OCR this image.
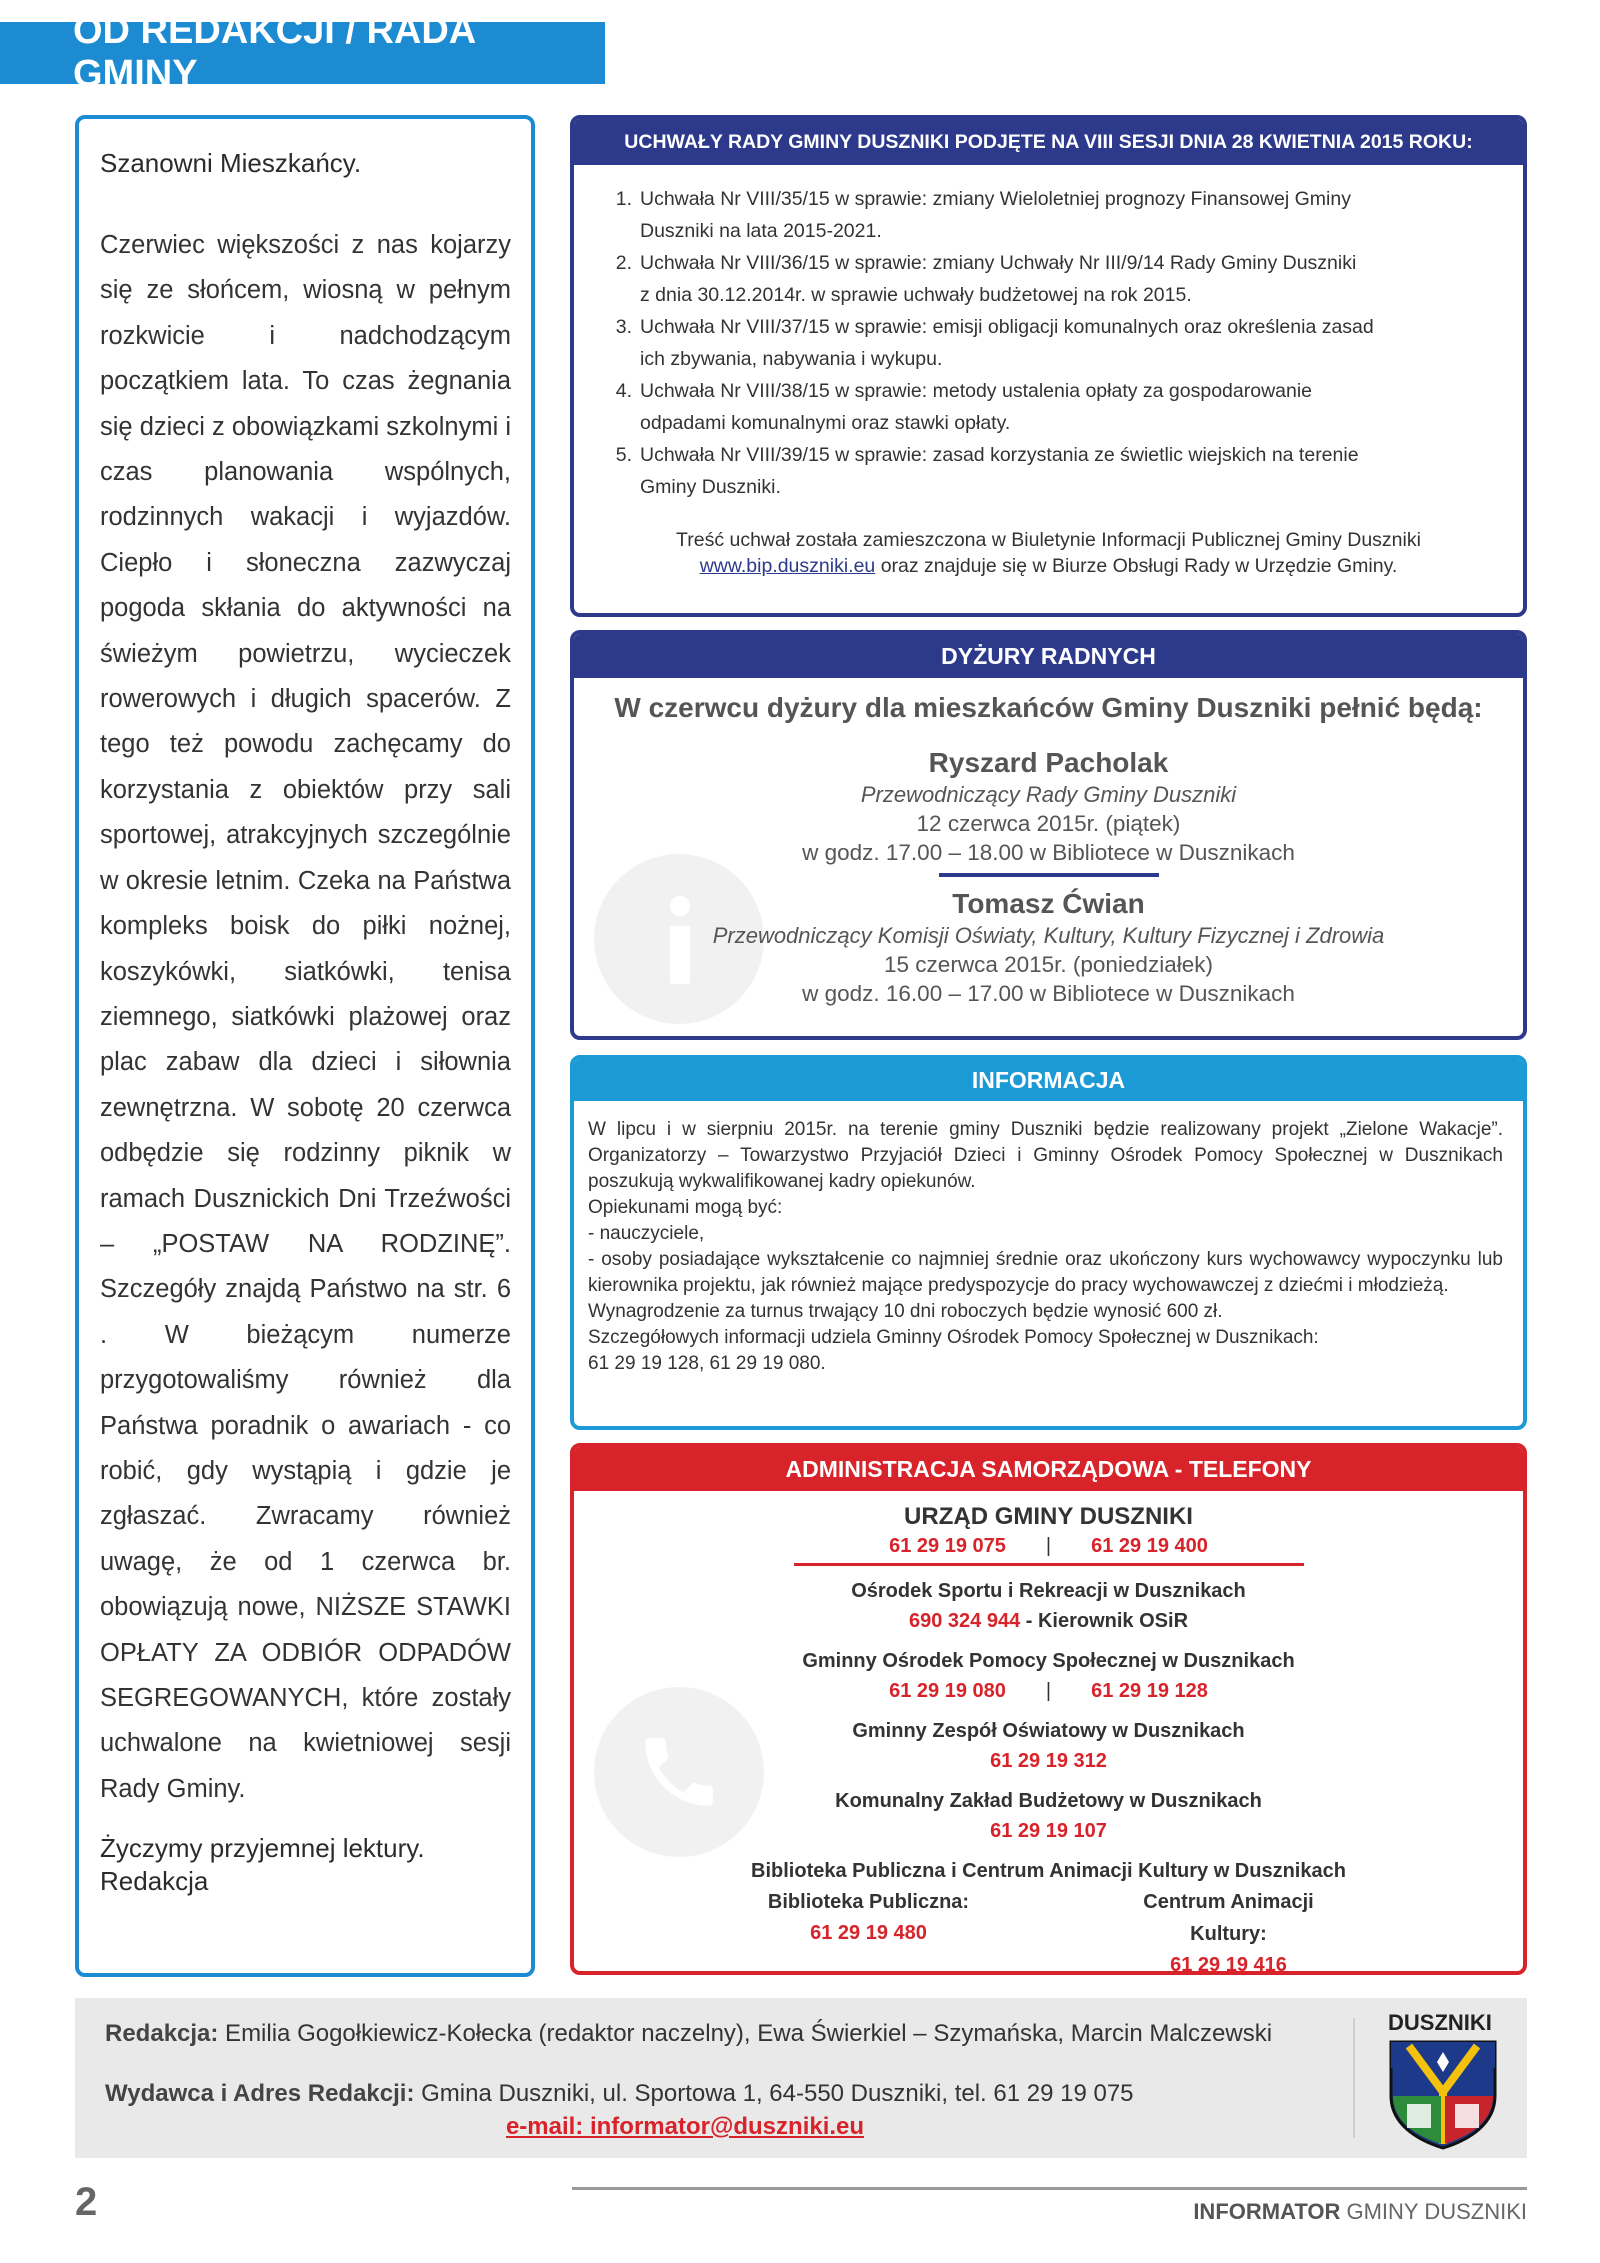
OD REDAKCJI / RADA GMINY
Szanowni Mieszkańcy.
Czerwiec większości z nas kojarzy się ze słońcem, wiosną w pełnym rozkwicie i nadchodzącym początkiem lata. To czas żegnania się dzieci z obowiązkami szkolnymi i czas planowania wspólnych, rodzinnych wakacji i wyjazdów. Ciepło i słoneczna zazwyczaj pogoda skłania do aktywności na świeżym powietrzu, wycieczek rowerowych i długich spacerów. Z tego też powodu zachęcamy do korzystania z obiektów przy sali sportowej, atrakcyjnych szczególnie w okresie letnim. Czeka na Państwa kompleks boisk do piłki nożnej, koszykówki, siatkówki, tenisa ziemnego, siatkówki plażowej oraz plac zabaw dla dzieci i siłownia zewnętrzna. W sobotę 20 czerwca odbędzie się rodzinny piknik w ramach Dusznickich Dni Trzeźwości – „POSTAW NA RODZINĘ”. Szczegóły znajdą Państwo na str. 6 . W bieżącym numerze przygotowaliśmy również dla Państwa poradnik o awariach - co robić, gdy wystąpią i gdzie je zgłaszać. Zwracamy również uwagę, że od 1 czerwca br. obowiązują nowe, NIŻSZE STAWKI OPŁATY ZA ODBIÓR ODPADÓW SEGREGOWANYCH, które zostały uchwalone na kwietniowej sesji Rady Gminy.
Życzymy przyjemnej lektury.
Redakcja
UCHWAŁY RADY GMINY DUSZNIKI PODJĘTE NA VIII SESJI DNIA 28 KWIETNIA 2015 ROKU:
1. Uchwała Nr VIII/35/15 w sprawie: zmiany Wieloletniej prognozy Finansowej Gminy
Duszniki na lata 2015-2021.
2. Uchwała Nr VIII/36/15 w sprawie: zmiany Uchwały Nr III/9/14 Rady Gminy Duszniki
z dnia 30.12.2014r. w sprawie uchwały budżetowej na rok 2015.
3. Uchwała Nr VIII/37/15 w sprawie: emisji obligacji komunalnych oraz określenia zasad
ich zbywania, nabywania i wykupu.
4. Uchwała Nr VIII/38/15 w sprawie: metody ustalenia opłaty za gospodarowanie
odpadami komunalnymi oraz stawki opłaty.
5. Uchwała Nr VIII/39/15 w sprawie: zasad korzystania ze świetlic wiejskich na terenie
Gminy Duszniki.
Treść uchwał została zamieszczona w Biuletynie Informacji Publicznej Gminy Duszniki
www.bip.duszniki.eu oraz znajduje się w Biurze Obsługi Rady w Urzędzie Gminy.
DYŻURY RADNYCH
W czerwcu dyżury dla mieszkańców Gminy Duszniki pełnić będą:
Ryszard Pacholak
Przewodniczący Rady Gminy Duszniki
12 czerwca 2015r. (piątek)
w godz. 17.00 – 18.00 w Bibliotece w Dusznikach
Tomasz Ćwian
Przewodniczący Komisji Oświaty, Kultury, Kultury Fizycznej i Zdrowia
15 czerwca 2015r. (poniedziałek)
w godz. 16.00 – 17.00 w Bibliotece w Dusznikach
INFORMACJA

W lipcu i w sierpniu 2015r. na terenie gminy Duszniki będzie realizowany projekt „Zielone Wakacje”. Organizatorzy – Towarzystwo Przyjaciół Dzieci i Gminny Ośrodek Pomocy Społecznej w Dusznikach poszukują wykwalifikowanej kadry opiekunów.

Opiekunami mogą być:

- nauczyciele,

- osoby posiadające wykształcenie co najmniej średnie oraz ukończony kurs wychowawcy wypoczynku lub kierownika projektu, jak również mające predyspozycje do pracy wychowawczej z dziećmi i młodzieżą.

Wynagrodzenie za turnus trwający 10 dni roboczych będzie wynosić 600 zł.

Szczegółowych informacji udziela Gminny Ośrodek Pomocy Społecznej w Dusznikach:

61 29 19 128, 61 29 19 080.

ADMINISTRACJA SAMORZĄDOWA - TELEFONY
URZĄD GMINY DUSZNIKI
61 29 19 075 | 61 29 19 400
Ośrodek Sportu i Rekreacji w Dusznikach
690 324 944 - Kierownik OSiR
Gminny Ośrodek Pomocy Społecznej w Dusznikach
61 29 19 080 | 61 29 19 128
Gminny Zespół Oświatowy w Dusznikach
61 29 19 312
Komunalny Zakład Budżetowy w Dusznikach
61 29 19 107
Biblioteka Publiczna i Centrum Animacji Kultury w Dusznikach
Biblioteka Publiczna:
61 29 19 480
Centrum Animacji Kultury:
61 29 19 416
Redakcja: Emilia Gogołkiewicz-Kołecka (redaktor naczelny), Ewa Świerkiel – Szymańska, Marcin Malczewski
Wydawca i Adres Redakcji: Gmina Duszniki, ul. Sportowa 1, 64-550 Duszniki, tel. 61 29 19 075
e-mail: informator@duszniki.eu
DUSZNIKI
2	INFORMATOR GMINY DUSZNIKI
